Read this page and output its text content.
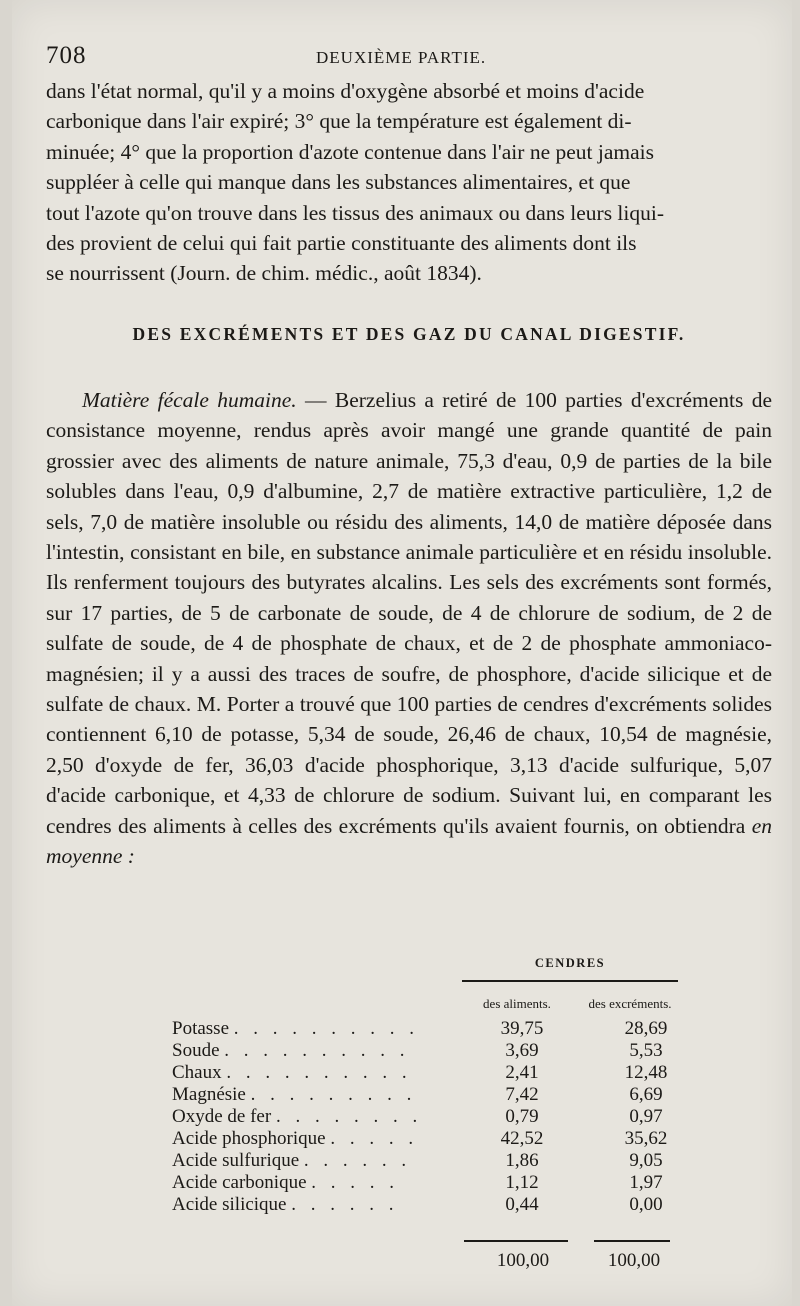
708	DEUXIÈME PARTIE.

dans l'état normal, qu'il y a moins d'oxygène absorbé et moins d'acide

carbonique dans l'air expiré; 3° que la température est également di-

minuée; 4° que la proportion d'azote contenue dans l'air ne peut jamais

suppléer à celle qui manque dans les substances alimentaires, et que

tout l'azote qu'on trouve dans les tissus des animaux ou dans leurs liqui-

des provient de celui qui fait partie constituante des aliments dont ils

se nourrissent (Journ. de chim. médic., août 1834).

DES EXCRÉMENTS ET DES GAZ DU CANAL DIGESTIF.

Matière fécale humaine. — Berzelius a retiré de 100 parties d'excréments de consistance moyenne, rendus après avoir mangé une grande quantité de pain grossier avec des aliments de nature animale, 75,3 d'eau, 0,9 de parties de la bile solubles dans l'eau, 0,9 d'albumine, 2,7 de matière extractive particulière, 1,2 de sels, 7,0 de matière insoluble ou résidu des aliments, 14,0 de matière déposée dans l'intestin, consistant en bile, en substance animale particulière et en résidu insoluble. Ils renferment toujours des butyrates alcalins. Les sels des excréments sont formés, sur 17 parties, de 5 de carbonate de soude, de 4 de chlorure de sodium, de 2 de sulfate de soude, de 4 de phosphate de chaux, et de 2 de phosphate ammoniaco-magnésien; il y a aussi des traces de soufre, de phosphore, d'acide silicique et de sulfate de chaux. M. Porter a trouvé que 100 parties de cendres d'excréments solides contiennent 6,10 de potasse, 5,34 de soude, 26,46 de chaux, 10,54 de magnésie, 2,50 d'oxyde de fer, 36,03 d'acide phosphorique, 3,13 d'acide sulfurique, 5,07 d'acide carbonique, et 4,33 de chlorure de sodium. Suivant lui, en comparant les cendres des aliments à celles des excréments qu'ils avaient fournis, on obtiendra en moyenne :

CENDRES
des aliments.	des excréments.
Potasse . . . . . . . . . .	39,75	28,69
Soude . . . . . . . . . .	3,69	5,53
Chaux . . . . . . . . . .	2,41	12,48
Magnésie . . . . . . . . .	7,42	6,69
Oxyde de fer . . . . . . . .	0,79	0,97
Acide phosphorique . . . . .	42,52	35,62
Acide sulfurique . . . . . .	1,86	9,05
Acide carbonique . . . . .	1,12	1,97
Acide silicique . . . . . .	0,44	0,00
100,00	100,00
